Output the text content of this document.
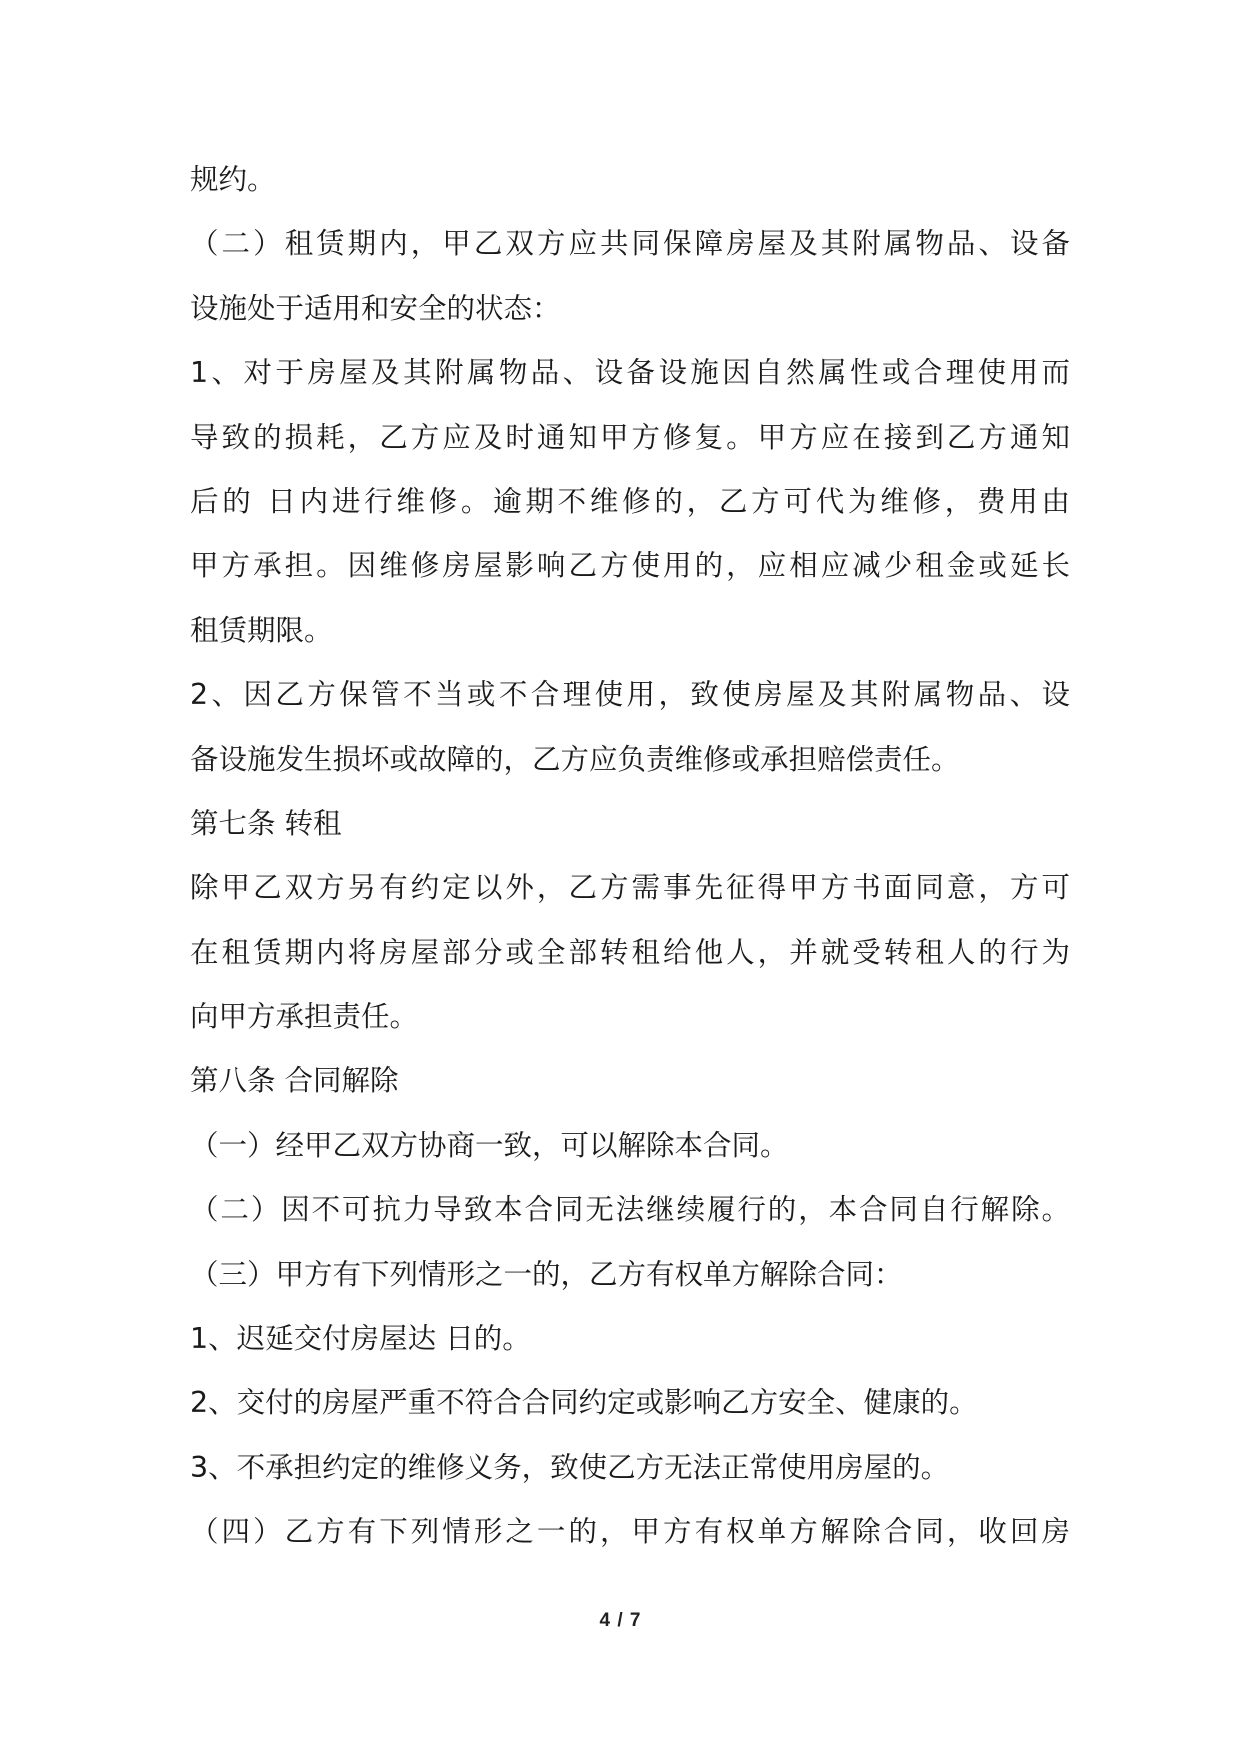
规约。

（二）租赁期内，甲乙双方应共同保障房屋及其附属物品、设备

设施处于适用和安全的状态：

1、对于房屋及其附属物品、设备设施因自然属性或合理使用而

导致的损耗，乙方应及时通知甲方修复。甲方应在接到乙方通知

后的 日内进行维修。逾期不维修的，乙方可代为维修，费用由

甲方承担。因维修房屋影响乙方使用的，应相应减少租金或延长

租赁期限。

2、因乙方保管不当或不合理使用，致使房屋及其附属物品、设

备设施发生损坏或故障的，乙方应负责维修或承担赔偿责任。

第七条 转租

除甲乙双方另有约定以外，乙方需事先征得甲方书面同意，方可

在租赁期内将房屋部分或全部转租给他人，并就受转租人的行为

向甲方承担责任。

第八条 合同解除

（一）经甲乙双方协商一致，可以解除本合同。

（二）因不可抗力导致本合同无法继续履行的，本合同自行解除。

（三）甲方有下列情形之一的，乙方有权单方解除合同：

1、迟延交付房屋达 日的。

2、交付的房屋严重不符合合同约定或影响乙方安全、健康的。

3、不承担约定的维修义务，致使乙方无法正常使用房屋的。

（四）乙方有下列情形之一的，甲方有权单方解除合同，收回房

4 / 7
